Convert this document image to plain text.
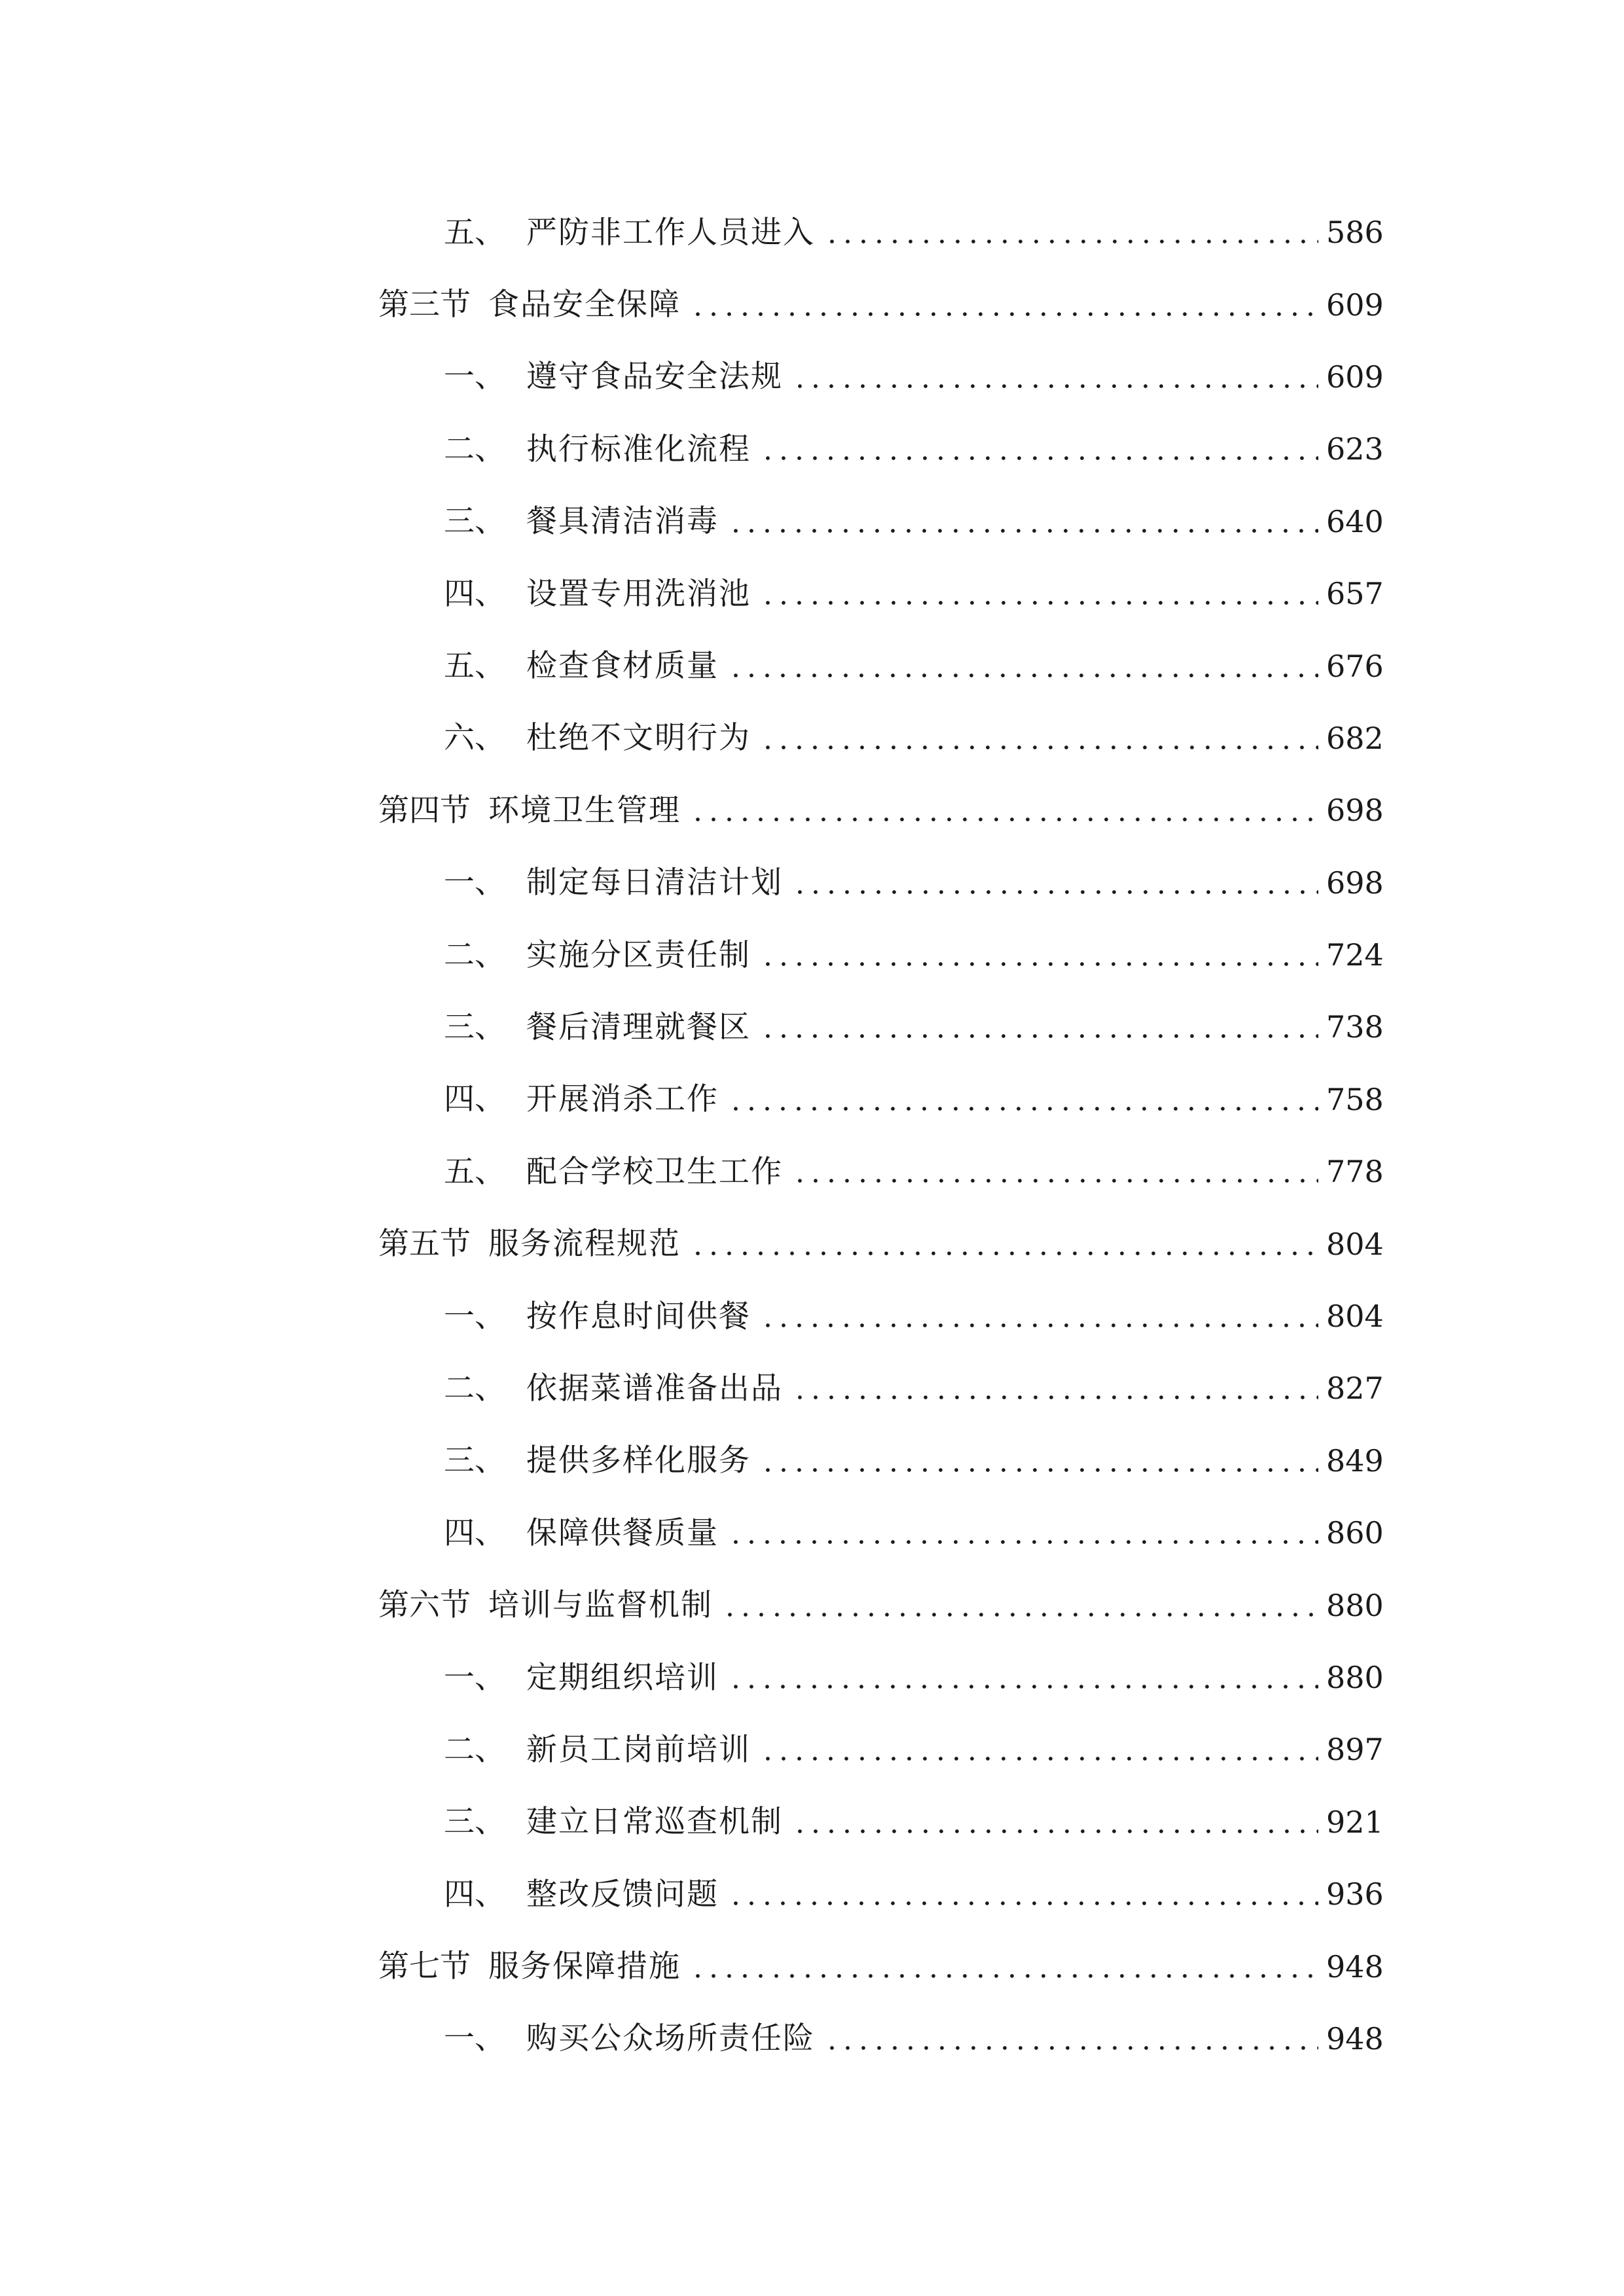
五、 严防非工作人员进入	586
第三节 食品安全保障	609
一、 遵守食品安全法规	609
二、 执行标准化流程	623
三、 餐具清洁消毒	640
四、 设置专用洗消池	657
五、 检查食材质量	676
六、 杜绝不文明行为	682
第四节 环境卫生管理	698
一、 制定每日清洁计划	698
二、 实施分区责任制	724
三、 餐后清理就餐区	738
四、 开展消杀工作	758
五、 配合学校卫生工作	778
第五节 服务流程规范	804
一、 按作息时间供餐	804
二、 依据菜谱准备出品	827
三、 提供多样化服务	849
四、 保障供餐质量	860
第六节 培训与监督机制	880
一、 定期组织培训	880
二、 新员工岗前培训	897
三、 建立日常巡查机制	921
四、 整改反馈问题	936
第七节 服务保障措施	948
一、 购买公众场所责任险	948
